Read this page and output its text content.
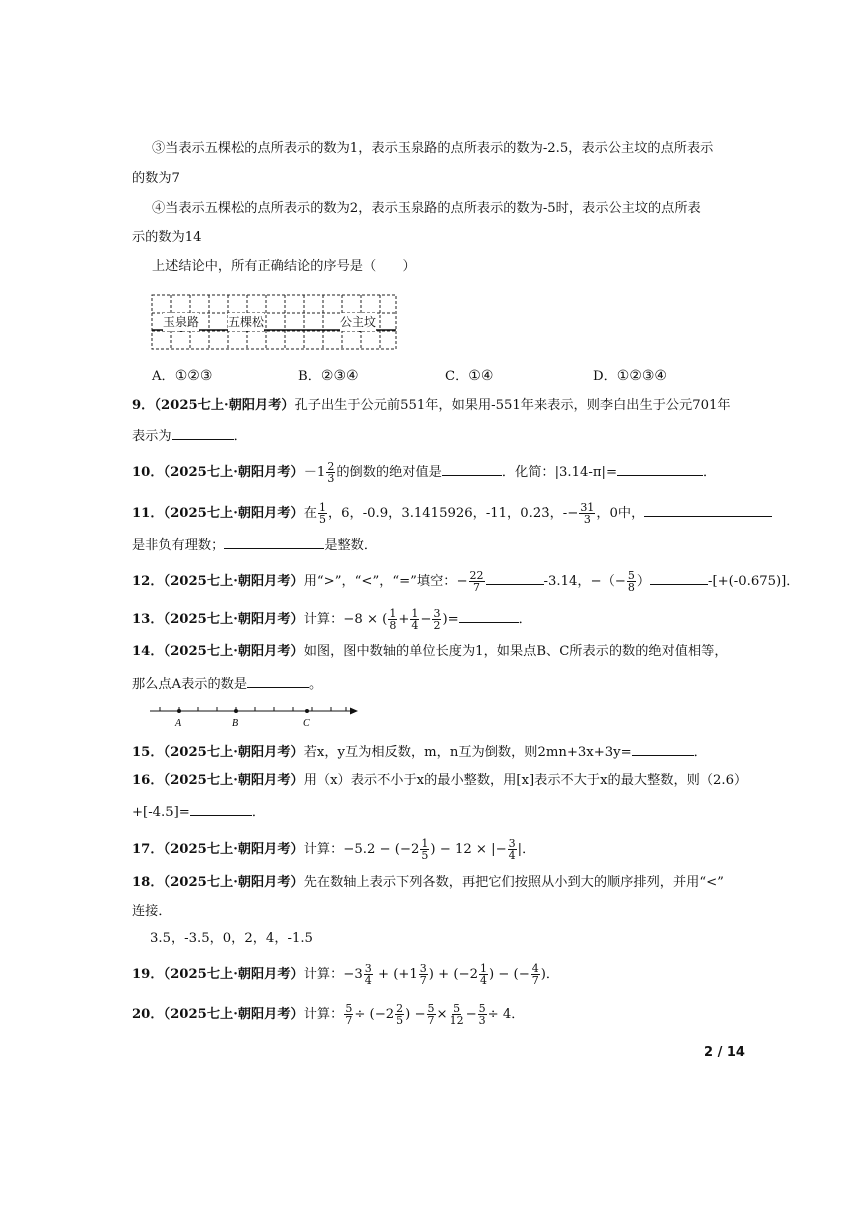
③当表示五棵松的点所表示的数为1，表示玉泉路的点所表示的数为-2.5，表示公主坟的点所表示
的数为7
④当表示五棵松的点所表示的数为2，表示玉泉路的点所表示的数为-5时，表示公主坟的点所表
示的数为14
上述结论中，所有正确结论的序号是（　　）
玉泉路 五棵松	公主坟
A．①②③	B．②③④	C．①④	D．①②③④
9．（2025七上·朝阳月考）孔子出生于公元前551年，如果用-551年来表示，则李白出生于公元701年
表示为	．
10．（2025七上·朝阳月考）$-1 \frac{2}{3}$ 的倒数的绝对值是	．化简：|3.14-π|=	．
11．（2025七上·朝阳月考）在 $\frac{1}{5}$ ，6，-0.9，3.1415926，-11，0.2̇3̇，-− $\frac{31}{3}$ ，0中，
是非负有理数；	是整数．
12．（2025七上·朝阳月考）用“>”，“<”，“=”填空：− $\frac{22}{7}$	-3.14，−（− $\frac{5}{8}$ ）	-[+(-0.675)]．
13．（2025七上·朝阳月考）计算：−8 × ( $\frac{1}{8} + \frac{1}{4} - \frac{3}{2}$ )=	．
14．（2025七上·朝阳月考）如图，图中数轴的单位长度为1，如果点B、C所表示的数的绝对值相等，
那么点A表示的数是	。
A	B	C
15．（2025七上·朝阳月考）若x，y互为相反数，m，n互为倒数，则2mn+3x+3y=	．
16．（2025七上·朝阳月考）用（x）表示不小于x的最小整数，用[x]表示不大于x的最大整数，则（2.6）
+[-4.5]=	．
17．（2025七上·朝阳月考）计算：$-5.2 - (-2 \frac{1}{5}$ ) − 12 × |− $\frac{3}{4}$ |．
18．（2025七上·朝阳月考）先在数轴上表示下列各数，再把它们按照从小到大的顺序排列，并用“<”
连接．
3.5，-3.5，0，2，4，-1.5
19．（2025七上·朝阳月考）计算：$-3 \frac{3}{4} + (+1 \frac{3}{7}$ ) + ($-2 \frac{1}{4}$ ) − (− $\frac{4}{7}$ )．
20．（2025七上·朝阳月考）计算： $\frac{5}{7} \div (-2 \frac{2}{5}$ ) − $\frac{5}{7} \times \frac{5}{12} - \frac{5}{3} \div 4$．
2 / 14
